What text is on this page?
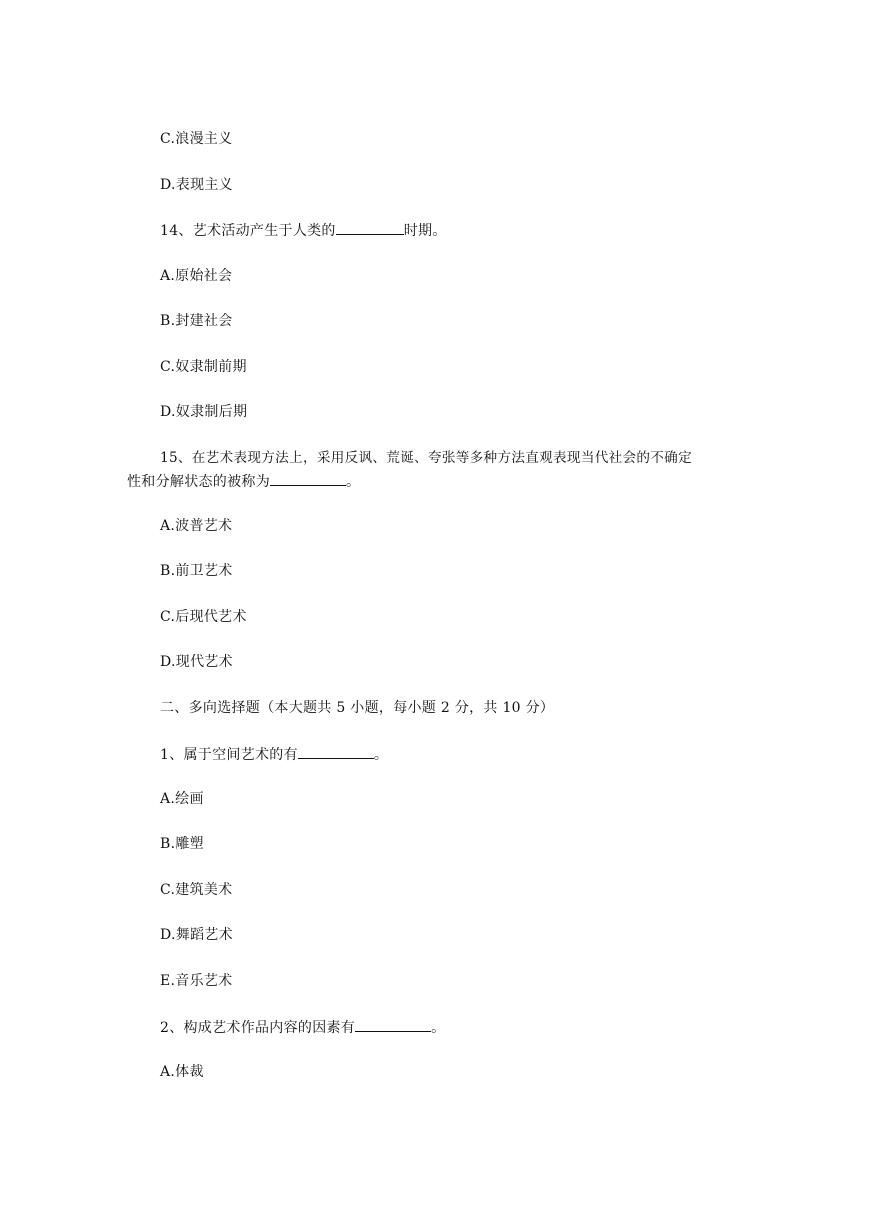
C.浪漫主义
D.表现主义
14、艺术活动产生于人类的	时期。
A.原始社会
B.封建社会
C.奴隶制前期
D.奴隶制后期
15、在艺术表现方法上，采用反讽、荒诞、夸张等多种方法直观表现当代社会的不确定
性和分解状态的被称为	。
A.波普艺术
B.前卫艺术
C.后现代艺术
D.现代艺术
二、多向选择题（本大题共 5 小题，每小题 2 分，共 10 分）
1、属于空间艺术的有	。
A.绘画
B.雕塑
C.建筑美术
D.舞蹈艺术
E.音乐艺术
2、构成艺术作品内容的因素有	。
A.体裁
